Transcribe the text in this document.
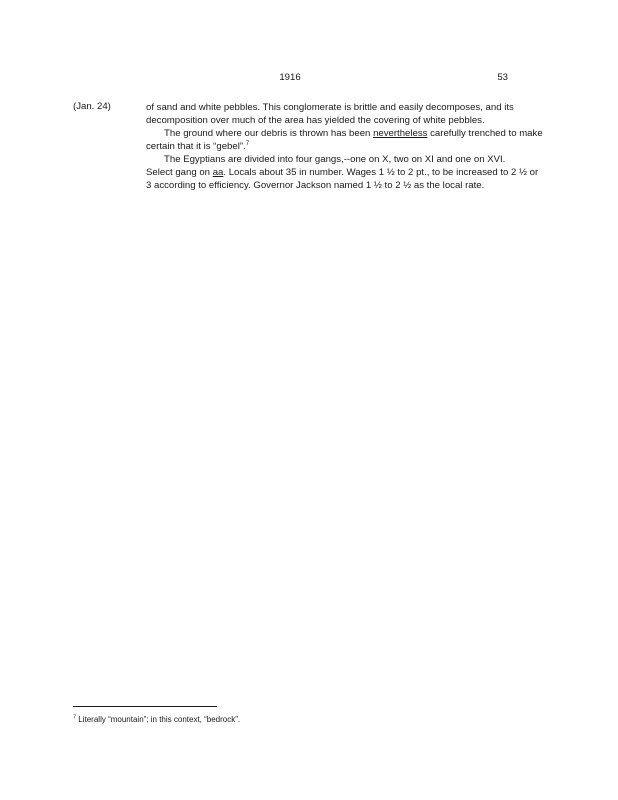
1916	53
(Jan. 24)	of sand and white pebbles. This conglomerate is brittle and easily decomposes, and its decomposition over much of the area has yielded the covering of white pebbles.

The ground where our debris is thrown has been nevertheless carefully trenched to make certain that it is “gebel”.$^7$

The Egyptians are divided into four gangs,--one on X, two on XI and one on XVI.

Select gang on aa. Locals about 35 in number. Wages 1 ½ to 2 pt., to be increased to 2 ½ or 3 according to efficiency. Governor Jackson named 1 ½ to 2 ½ as the local rate.

$^7$ Literally “mountain”; in this context, “bedrock”.
